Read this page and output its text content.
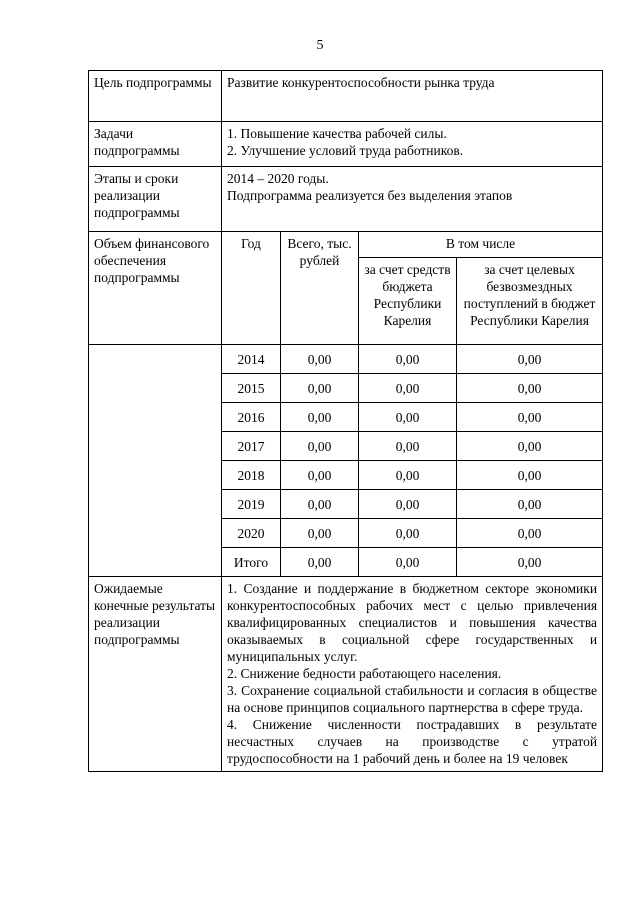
5
Цель подпрограммы	Развитие конкурентоспособности рынка труда			
Задачи подпрограммы	1. Повышение качества рабочей силы.
2. Улучшение условий труда работников.			

Этапы и сроки реализации подпрограммы	2014 – 2020 годы.
Подпрограмма реализуется без выделения этапов			

Объем финансового обеспечения подпрограммы	Год	Всего, тыс. рублей	В том числе	
			за счет средств бюджета Республики Карелия	за счет целевых безвозмездных поступлений в бюджет Республики Карелия
	2014	0,00	0,00	0,00
	2015	0,00	0,00	0,00
	2016	0,00	0,00	0,00
	2017	0,00	0,00	0,00
	2018	0,00	0,00	0,00
	2019	0,00	0,00	0,00
	2020	0,00	0,00	0,00
	Итого	0,00	0,00	0,00
Ожидаемые конечные результаты реализации подпрограммы	1. Создание и поддержание в бюджетном секторе экономики конкурентоспособных рабочих мест с целью привлечения квалифицированных специалистов и повышения качества оказываемых в социальной сфере государственных и муниципальных услуг.
2. Снижение бедности работающего населения.
3. Сохранение социальной стабильности и согласия в обществе на основе принципов социального партнерства в сфере труда.
4. Снижение численности пострадавших в результате несчастных случаев на производстве с утратой трудоспособности на 1 рабочий день и более на 19 человек			
